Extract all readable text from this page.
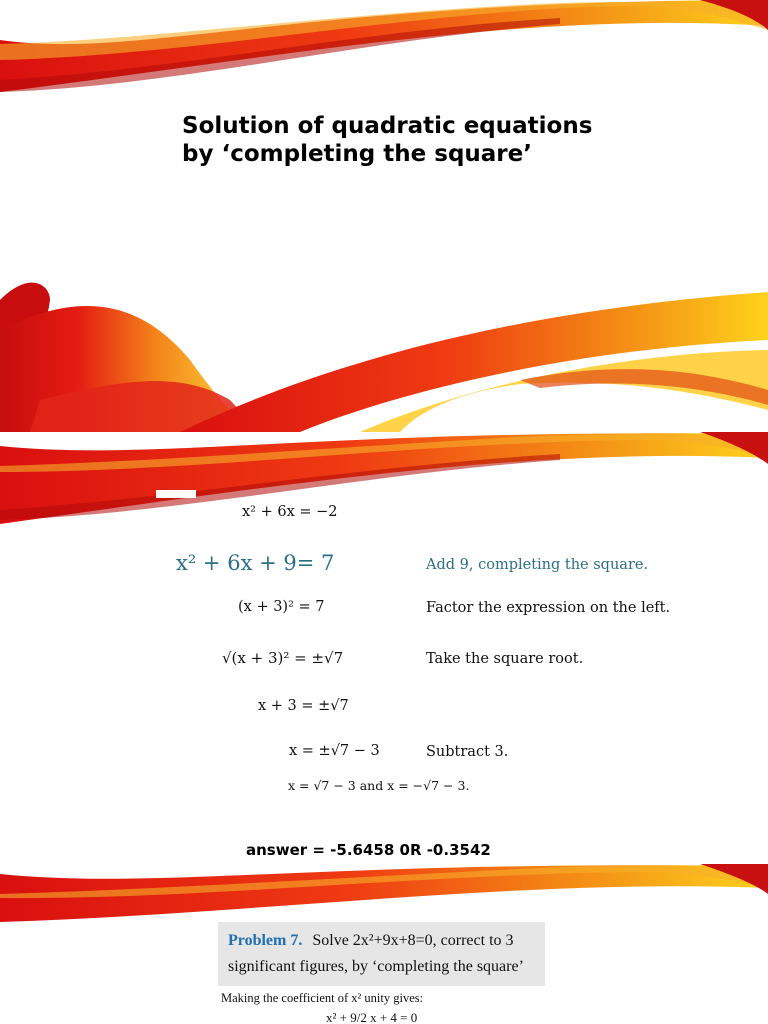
Solution of quadratic equations
by ‘completing the square’
x² + 6x = −2
x² + 6x + 9= 7	Add 9, completing the square.
(x + 3)² = 7	Factor the expression on the left.
√(x + 3)² = ±√7	Take the square root.
x + 3 = ±√7
x = ±√7 − 3	Subtract 3.
x = √7 − 3 and x = −√7 − 3.
answer = -5.6458 0R -0.3542
Problem 7. Solve 2x²+9x+8=0, correct to 3
significant figures, by ‘completing the square’
Making the coefficient of x² unity gives:
x² + 9/2 x + 4 = 0
